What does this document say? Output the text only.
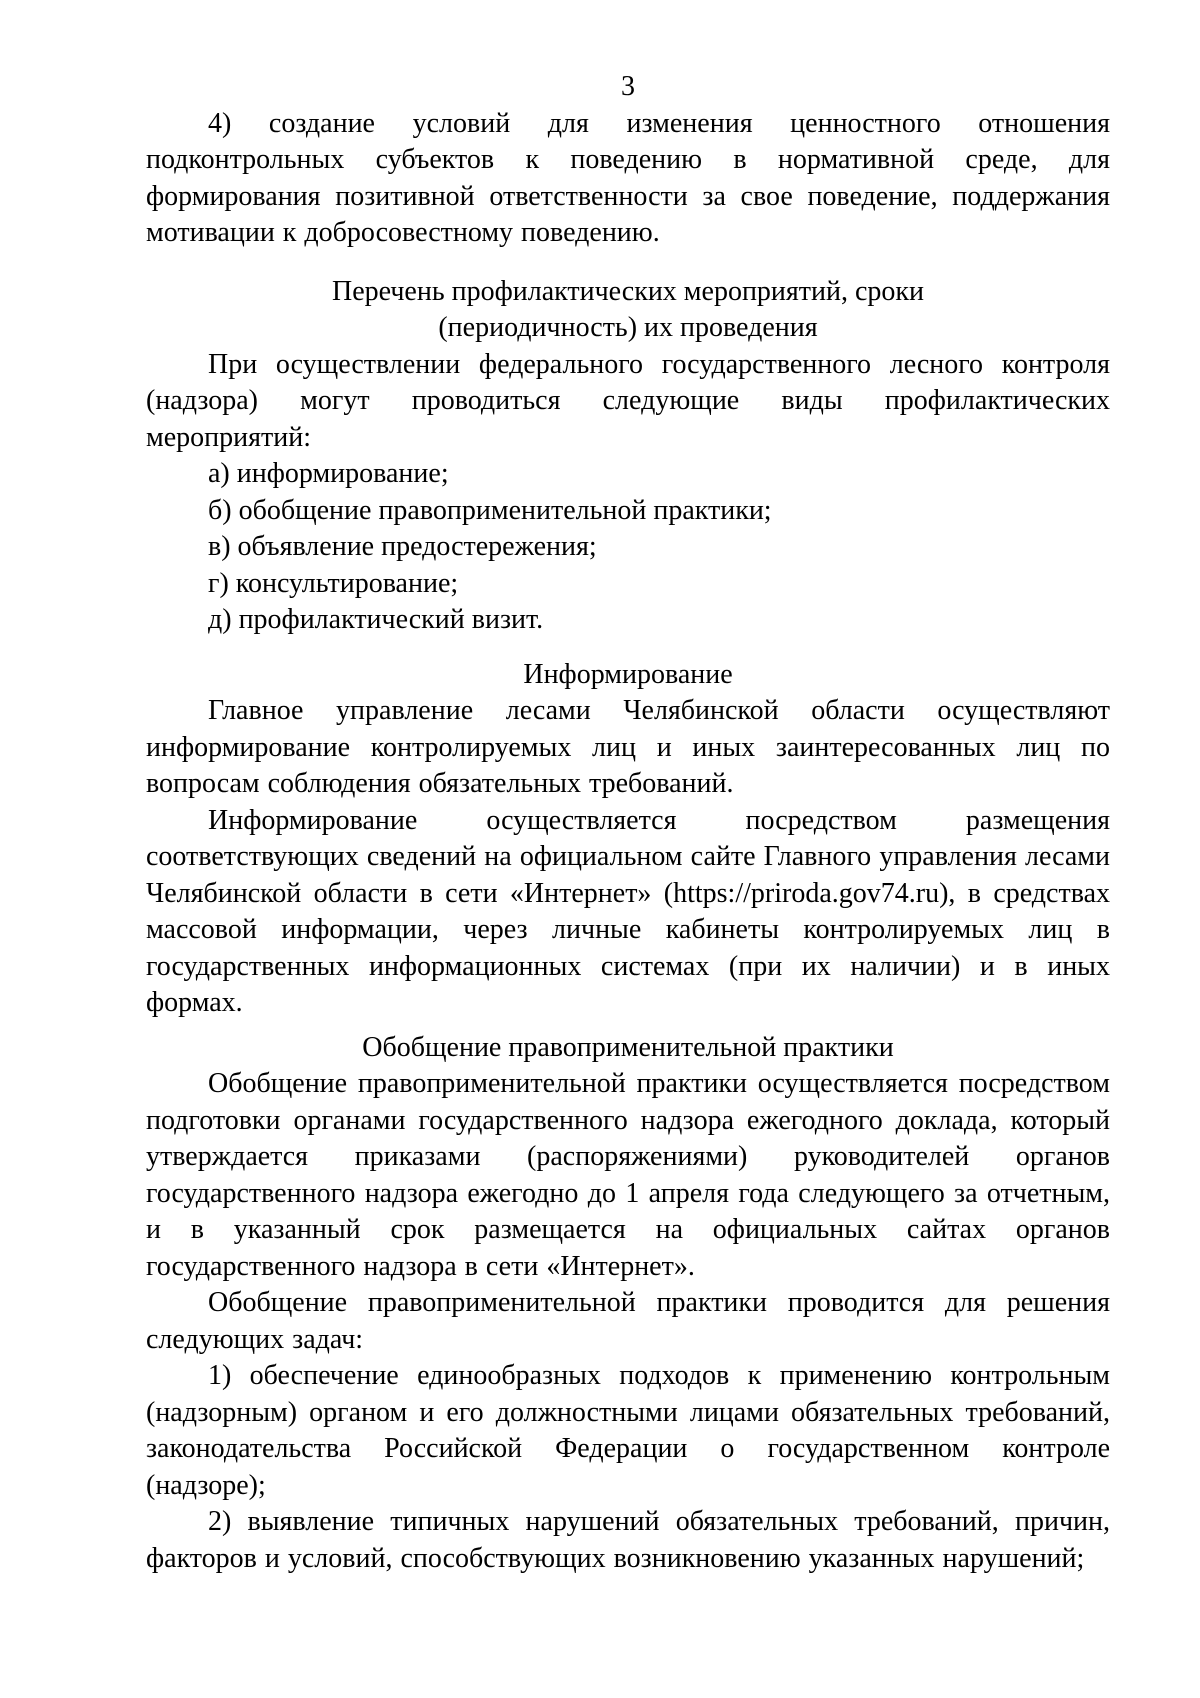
3

4) создание условий для изменения ценностного отношения подконтрольных субъектов к поведению в нормативной среде, для формирования позитивной ответственности за свое поведение, поддержания мотивации к добросовестному поведению.

Перечень профилактических мероприятий, сроки
(периодичность) их проведения

При осуществлении федерального государственного лесного контроля (надзора) могут проводиться следующие виды профилактических мероприятий:

а) информирование;

б) обобщение правоприменительной практики;

в) объявление предостережения;

г) консультирование;

д) профилактический визит.

Информирование

Главное управление лесами Челябинской области осуществляют информирование контролируемых лиц и иных заинтересованных лиц по вопросам соблюдения обязательных требований.

Информирование осуществляется посредством размещения соответствующих сведений на официальном сайте Главного управления лесами Челябинской области в сети «Интернет» (https://priroda.gov74.ru), в средствах массовой информации, через личные кабинеты контролируемых лиц в государственных информационных системах (при их наличии) и в иных формах.

Обобщение правоприменительной практики

Обобщение правоприменительной практики осуществляется посредством подготовки органами государственного надзора ежегодного доклада, который утверждается приказами (распоряжениями) руководителей органов государственного надзора ежегодно до 1 апреля года следующего за отчетным, и в указанный срок размещается на официальных сайтах органов государственного надзора в сети «Интернет».

Обобщение правоприменительной практики проводится для решения следующих задач:

1) обеспечение единообразных подходов к применению контрольным (надзорным) органом и его должностными лицами обязательных требований, законодательства Российской Федерации о государственном контроле (надзоре);

2) выявление типичных нарушений обязательных требований, причин, факторов и условий, способствующих возникновению указанных нарушений;
